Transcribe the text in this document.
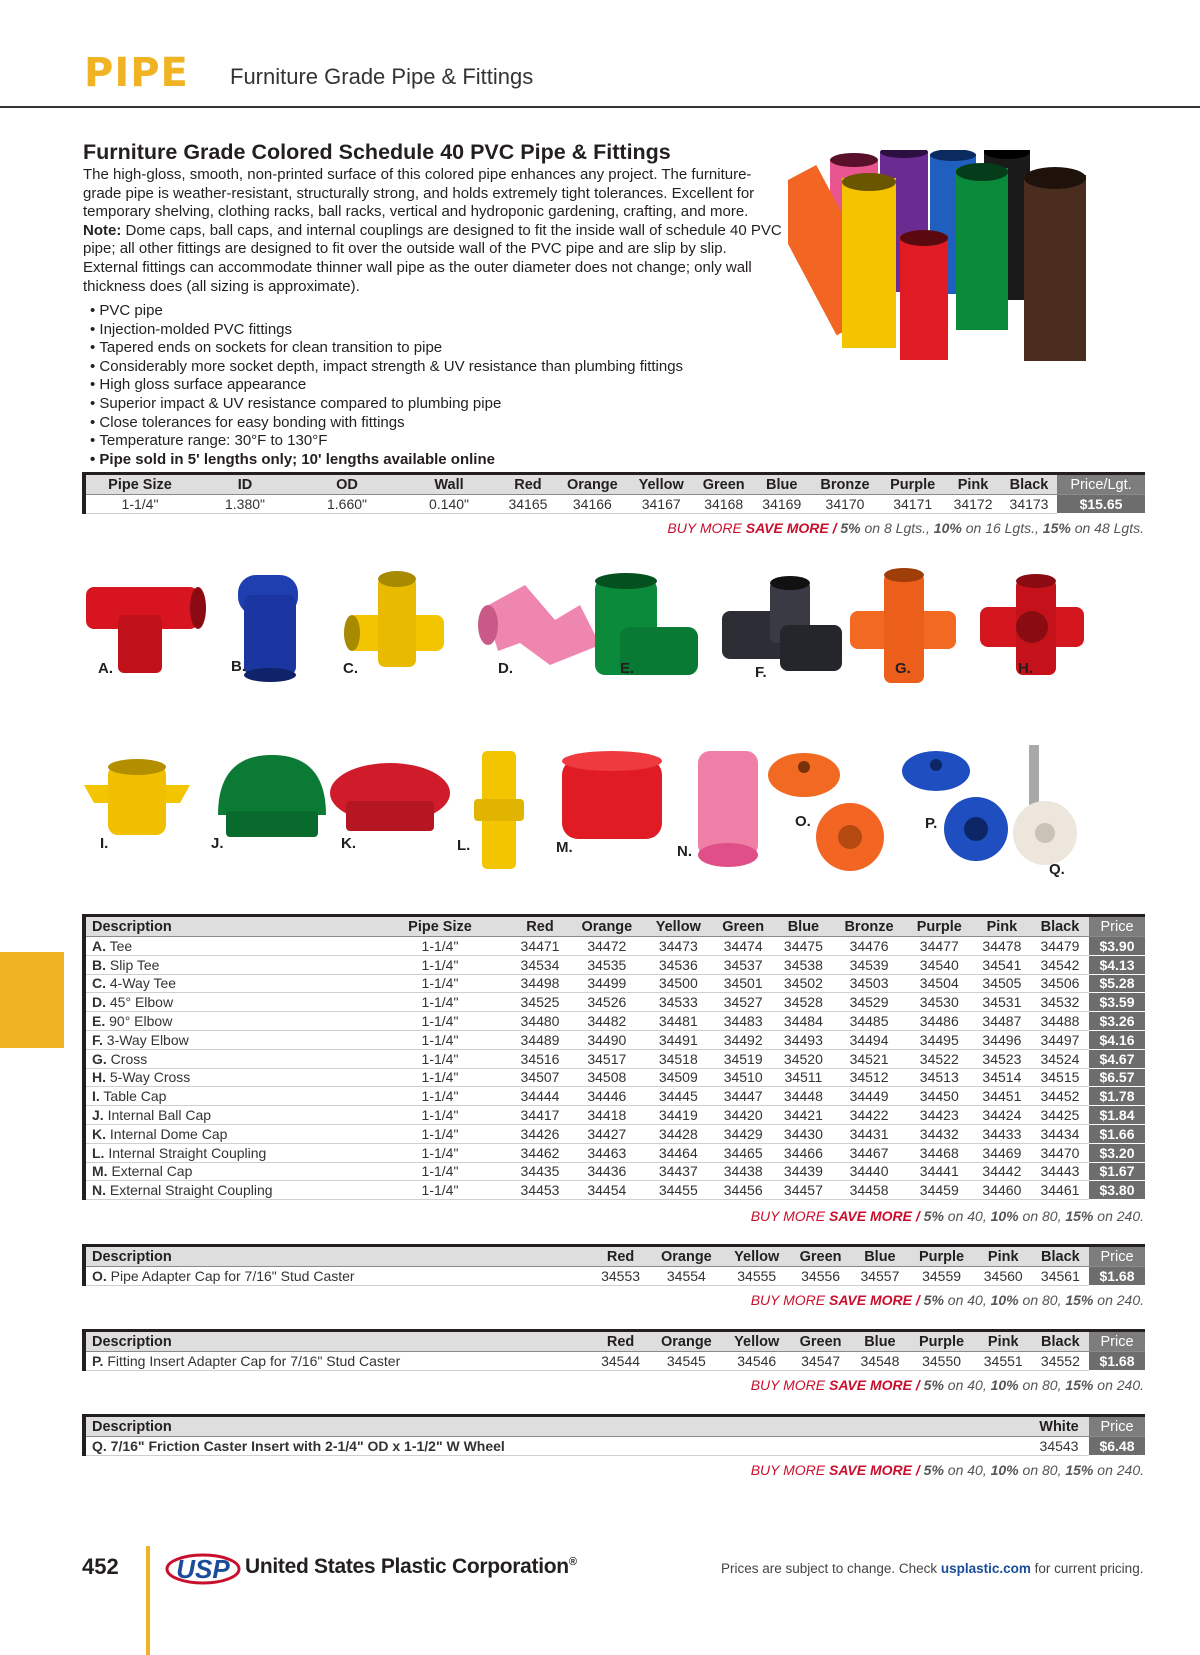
PIPE Furniture Grade Pipe & Fittings
Furniture Grade Colored Schedule 40 PVC Pipe & Fittings

The high-gloss, smooth, non-printed surface of this colored pipe enhances any project. The furniture-grade pipe is weather-resistant, structurally strong, and holds extremely tight tolerances. Excellent for temporary shelving, clothing racks, ball racks, vertical and hydroponic gardening, crafting, and more. Note: Dome caps, ball caps, and internal couplings are designed to fit the inside wall of schedule 40 PVC pipe; all other fittings are designed to fit over the outside wall of the PVC pipe and are slip by slip. External fittings can accommodate thinner wall pipe as the outer diameter does not change; only wall thickness does (all sizing is approximate).

• PVC pipe
• Injection-molded PVC fittings
• Tapered ends on sockets for clean transition to pipe
• Considerably more socket depth, impact strength & UV resistance than plumbing fittings
• High gloss surface appearance
• Superior impact & UV resistance compared to plumbing pipe
• Close tolerances for easy bonding with fittings
• Temperature range: 30°F to 130°F
• Pipe sold in 5' lengths only; 10' lengths available online
Pipe Size	ID	OD	Wall	Red	Orange	Yellow	Green	Blue	Bronze	Purple	Pink	Black	Price/Lgt.
1-1/4"	1.380"	1.660"	0.140"	34165	34166	34167	34168	34169	34170	34171	34172	34173	$15.65
BUY MORE SAVE MORE / 5% on 8 Lgts., 10% on 16 Lgts., 15% on 48 Lgts.
A.	B.	C.	D.	E.	F.	G.	H.
I.	J.	K.	L.	M.	N.
O.	P.
Q.
Description	Pipe Size	Red	Orange	Yellow	Green	Blue	Bronze	Purple	Pink	Black	Price
A. Tee	1-1/4"	34471	34472	34473	34474	34475	34476	34477	34478	34479	$3.90
B. Slip Tee	1-1/4"	34534	34535	34536	34537	34538	34539	34540	34541	34542	$4.13
C. 4-Way Tee	1-1/4"	34498	34499	34500	34501	34502	34503	34504	34505	34506	$5.28
D. 45° Elbow	1-1/4"	34525	34526	34533	34527	34528	34529	34530	34531	34532	$3.59
E. 90° Elbow	1-1/4"	34480	34482	34481	34483	34484	34485	34486	34487	34488	$3.26
F. 3-Way Elbow	1-1/4"	34489	34490	34491	34492	34493	34494	34495	34496	34497	$4.16
G. Cross	1-1/4"	34516	34517	34518	34519	34520	34521	34522	34523	34524	$4.67
H. 5-Way Cross	1-1/4"	34507	34508	34509	34510	34511	34512	34513	34514	34515	$6.57
I. Table Cap	1-1/4"	34444	34446	34445	34447	34448	34449	34450	34451	34452	$1.78
J. Internal Ball Cap	1-1/4"	34417	34418	34419	34420	34421	34422	34423	34424	34425	$1.84
K. Internal Dome Cap	1-1/4"	34426	34427	34428	34429	34430	34431	34432	34433	34434	$1.66
L. Internal Straight Coupling	1-1/4"	34462	34463	34464	34465	34466	34467	34468	34469	34470	$3.20
M. External Cap	1-1/4"	34435	34436	34437	34438	34439	34440	34441	34442	34443	$1.67
N. External Straight Coupling	1-1/4"	34453	34454	34455	34456	34457	34458	34459	34460	34461	$3.80
BUY MORE SAVE MORE / 5% on 40, 10% on 80, 15% on 240.
Description	Red	Orange	Yellow	Green	Blue	Purple	Pink	Black	Price
O. Pipe Adapter Cap for 7/16" Stud Caster	34553	34554	34555	34556	34557	34559	34560	34561	$1.68
BUY MORE SAVE MORE / 5% on 40, 10% on 80, 15% on 240.
Description	Red	Orange	Yellow	Green	Blue	Purple	Pink	Black	Price
P. Fitting Insert Adapter Cap for 7/16" Stud Caster	34544	34545	34546	34547	34548	34550	34551	34552	$1.68
BUY MORE SAVE MORE / 5% on 40, 10% on 80, 15% on 240.
Description	White	Price
Q. 7/16" Friction Caster Insert with 2-1/4" OD x 1-1/2" W Wheel	34543	$6.48
BUY MORE SAVE MORE / 5% on 40, 10% on 80, 15% on 240.
452 USP United States Plastic Corporation®	Prices are subject to change. Check usplastic.com for current pricing.
